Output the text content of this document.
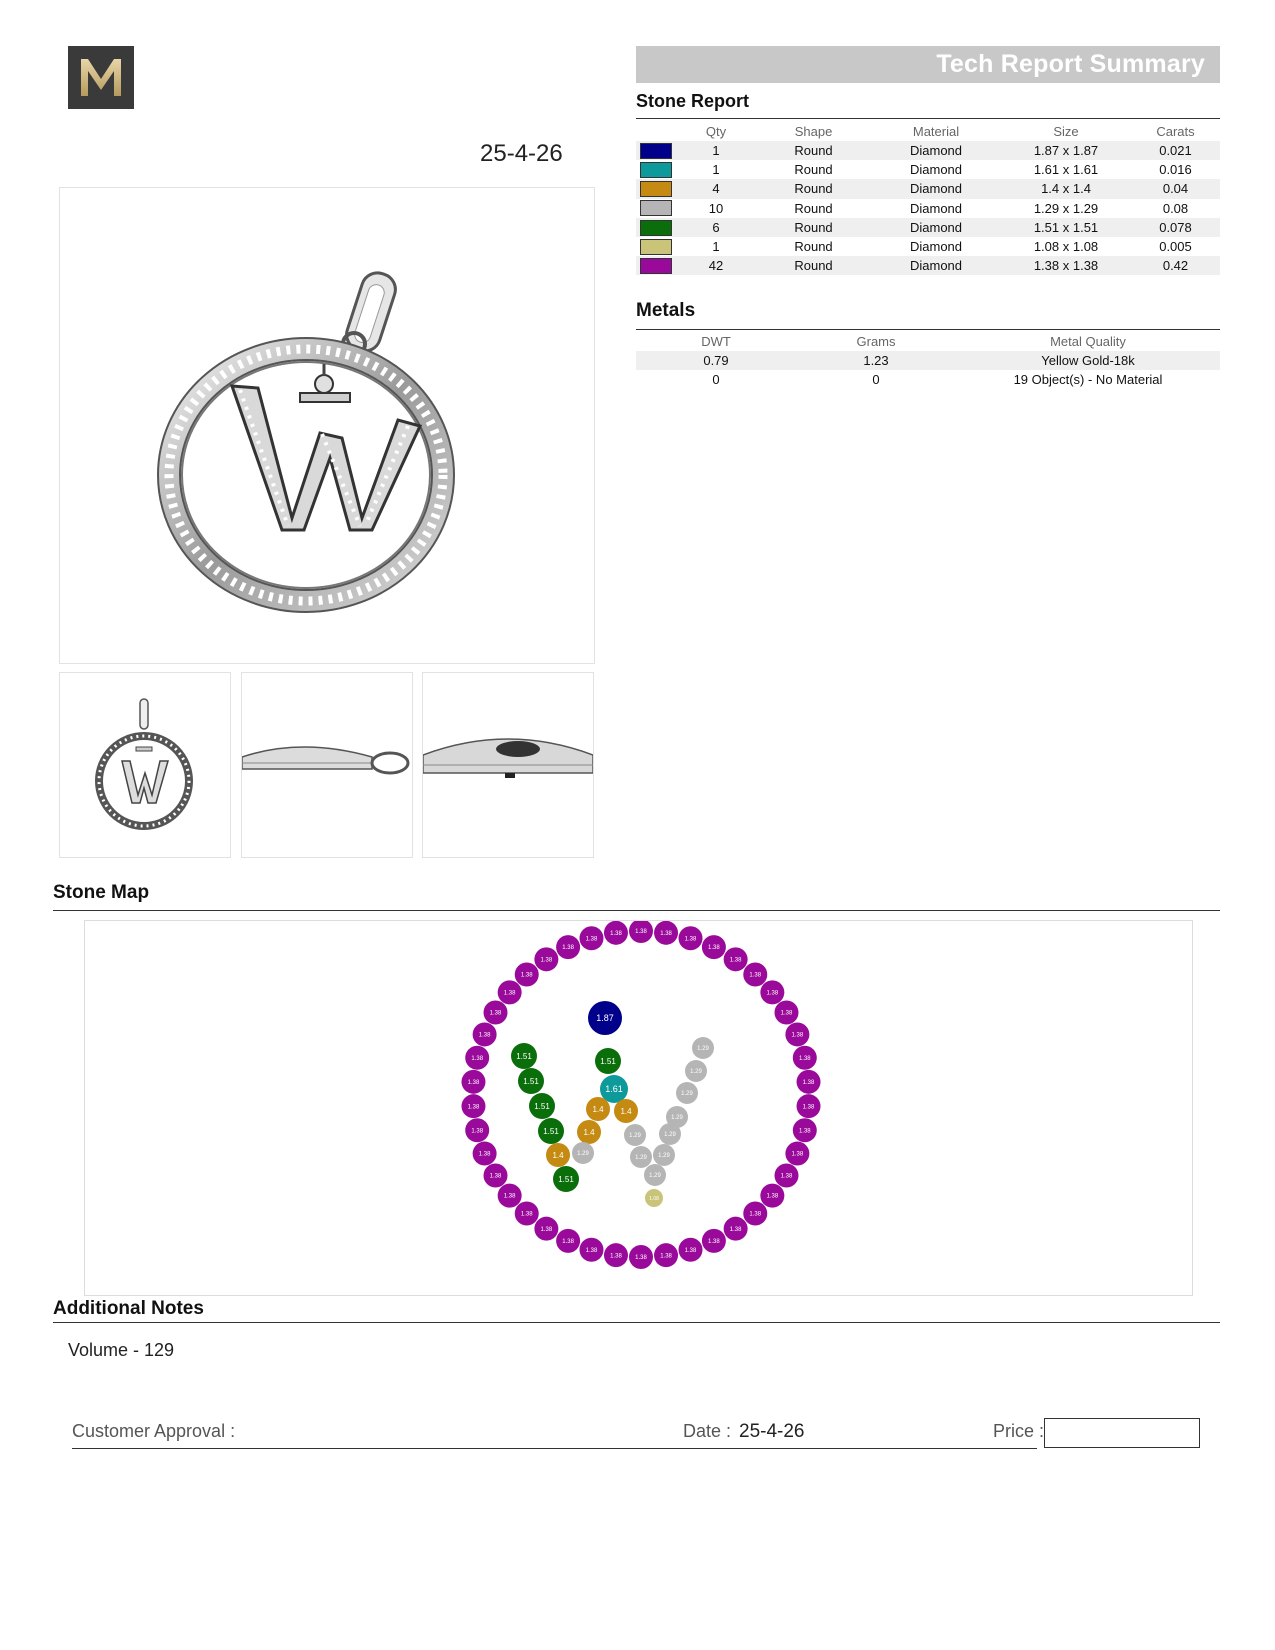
25-4-26
Tech Report Summary
Stone Report
	Qty	Shape	Material	Size	Carats
	1	Round	Diamond	1.87 x 1.87	0.021
	1	Round	Diamond	1.61 x 1.61	0.016
	4	Round	Diamond	1.4 x 1.4	0.04
	10	Round	Diamond	1.29 x 1.29	0.08
	6	Round	Diamond	1.51 x 1.51	0.078
	1	Round	Diamond	1.08 x 1.08	0.005
	42	Round	Diamond	1.38 x 1.38	0.42
Metals
DWT	Grams	Metal Quality
0.79	1.23	Yellow Gold-18k
0	0	19 Object(s) - No Material
Stone Map
1.38 1.38
1.38
1.38
1.38
1.38
1.38
1.38
1.38
1.38
1.38
1.38
1.38
1.38
1.38
1.38
1.38
1.38
1.38
1.38
1.38
1.38
1.38
1.38
1.38
1.38
1.38
1.38
1.38
1.38
1.38
1.38
1.38
1.38
1.38
1.38
1.38
1.38
1.38
1.38
1.38
1.38
1.87
1.51
1.51
1.51
1.51
1.51
1.51
1.61
1.4 1.4
1.4
1.4
1.29
1.29
1.29
1.29
1.29
1.29
1.29
1.29 1.29
1.29
1.08
Additional Notes
Volume - 129
Customer Approval :	Date : 25-4-26	Price :
